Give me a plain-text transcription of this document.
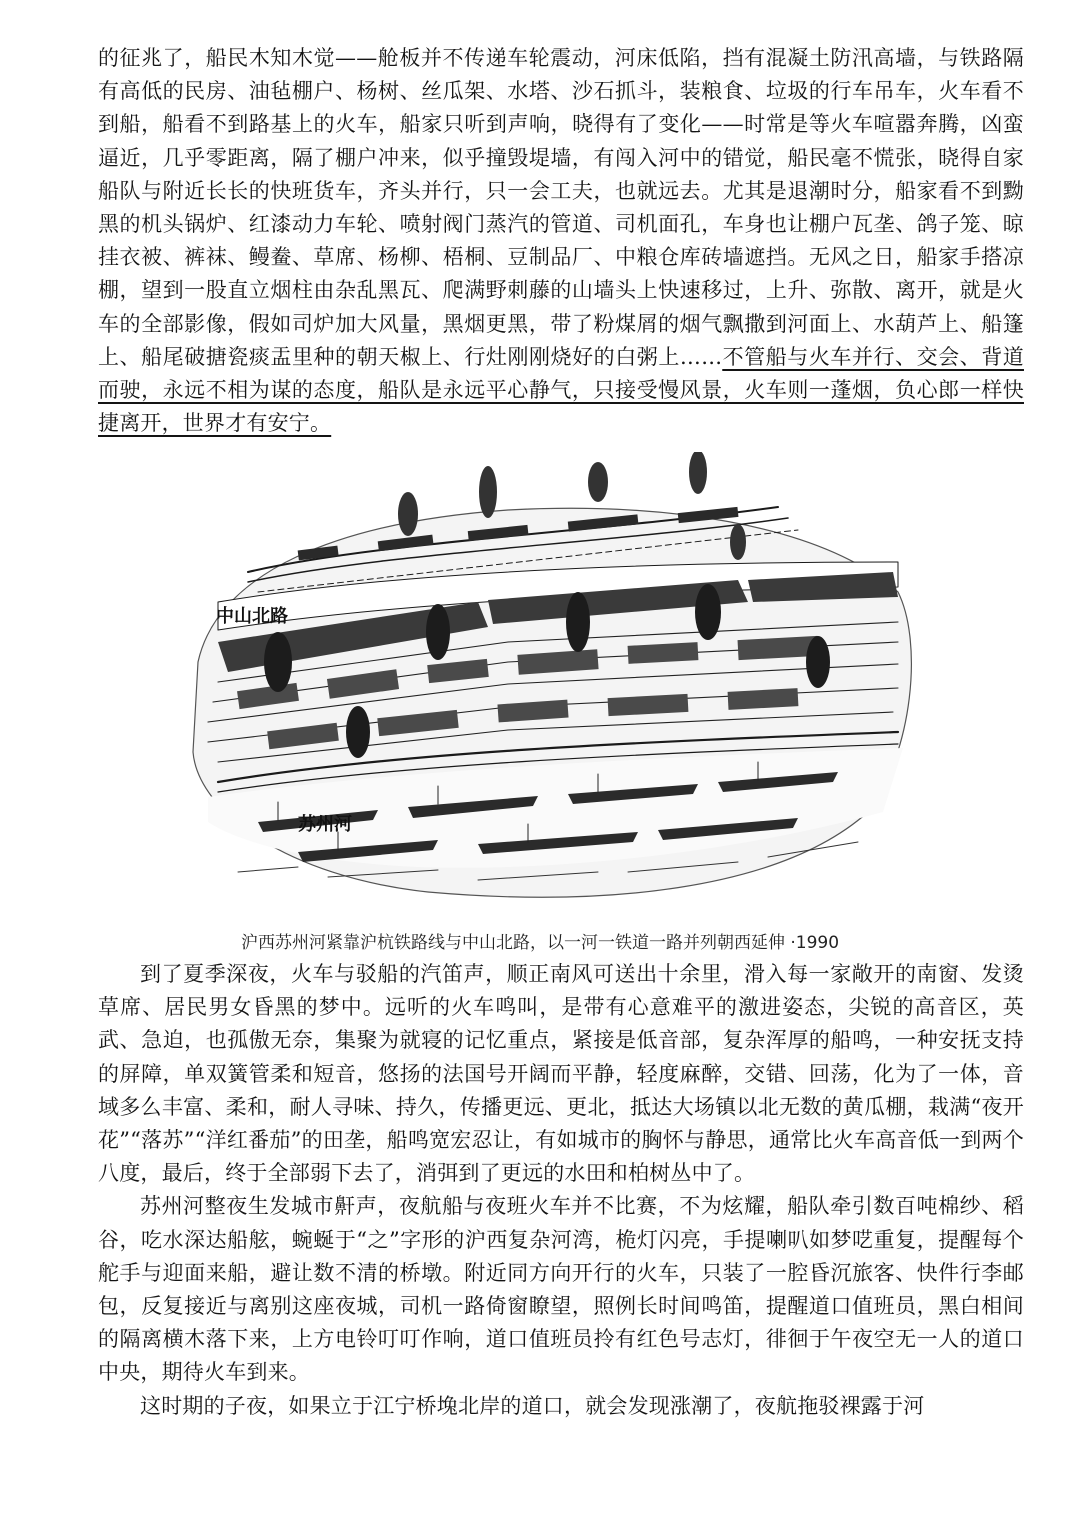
的征兆了，船民木知木觉——舱板并不传递车轮震动，河床低陷，挡有混凝土防汛高墙，与铁路隔有高低的民房、油毡棚户、杨树、丝瓜架、水塔、沙石抓斗，装粮食、垃圾的行车吊车，火车看不到船，船看不到路基上的火车，船家只听到声响，晓得有了变化——时常是等火车喧嚣奔腾，凶蛮逼近，几乎零距离，隔了棚户冲来，似乎撞毁堤墙，有闯入河中的错觉，船民毫不慌张，晓得自家船队与附近长长的快班货车，齐头并行，只一会工夫，也就远去。尤其是退潮时分，船家看不到黝黑的机头锅炉、红漆动力车轮、喷射阀门蒸汽的管道、司机面孔，车身也让棚户瓦垄、鸽子笼、晾挂衣被、裤袜、鳗鲞、草席、杨柳、梧桐、豆制品厂、中粮仓库砖墙遮挡。无风之日，船家手搭凉棚，望到一股直立烟柱由杂乱黑瓦、爬满野刺藤的山墙头上快速移过，上升、弥散、离开，就是火车的全部影像，假如司炉加大风量，黑烟更黑，带了粉煤屑的烟气飘撒到河面上、水葫芦上、船篷上、船尾破搪瓷痰盂里种的朝天椒上、行灶刚刚烧好的白粥上……不管船与火车并行、交会、背道而驶，永远不相为谋的态度，船队是永远平心静气，只接受慢风景，火车则一蓬烟，负心郎一样快捷离开，世界才有安宁。

中山北路
苏州河
沪西苏州河紧靠沪杭铁路线与中山北路，以一河一铁道一路并列朝西延伸 ·1990

到了夏季深夜，火车与驳船的汽笛声，顺正南风可送出十余里，滑入每一家敞开的南窗、发烫草席、居民男女昏黑的梦中。远听的火车鸣叫，是带有心意难平的激进姿态，尖锐的高音区，英武、急迫，也孤傲无奈，集聚为就寝的记忆重点，紧接是低音部，复杂浑厚的船鸣，一种安抚支持的屏障，单双簧管柔和短音，悠扬的法国号开阔而平静，轻度麻醉，交错、回荡，化为了一体，音域多么丰富、柔和，耐人寻味、持久，传播更远、更北，抵达大场镇以北无数的黄瓜棚，栽满“夜开花”“落苏”“洋红番茄”的田垄，船鸣宽宏忍让，有如城市的胸怀与静思，通常比火车高音低一到两个八度，最后，终于全部弱下去了，消弭到了更远的水田和柏树丛中了。

苏州河整夜生发城市鼾声，夜航船与夜班火车并不比赛，不为炫耀，船队牵引数百吨棉纱、稻谷，吃水深达船舷，蜿蜒于“之”字形的沪西复杂河湾，桅灯闪亮，手提喇叭如梦呓重复，提醒每个舵手与迎面来船，避让数不清的桥墩。附近同方向开行的火车，只装了一腔昏沉旅客、快件行李邮包，反复接近与离别这座夜城，司机一路倚窗瞭望，照例长时间鸣笛，提醒道口值班员，黑白相间的隔离横木落下来，上方电铃叮叮作响，道口值班员拎有红色号志灯，徘徊于午夜空无一人的道口中央，期待火车到来。

这时期的子夜，如果立于江宁桥堍北岸的道口，就会发现涨潮了，夜航拖驳裸露于河
